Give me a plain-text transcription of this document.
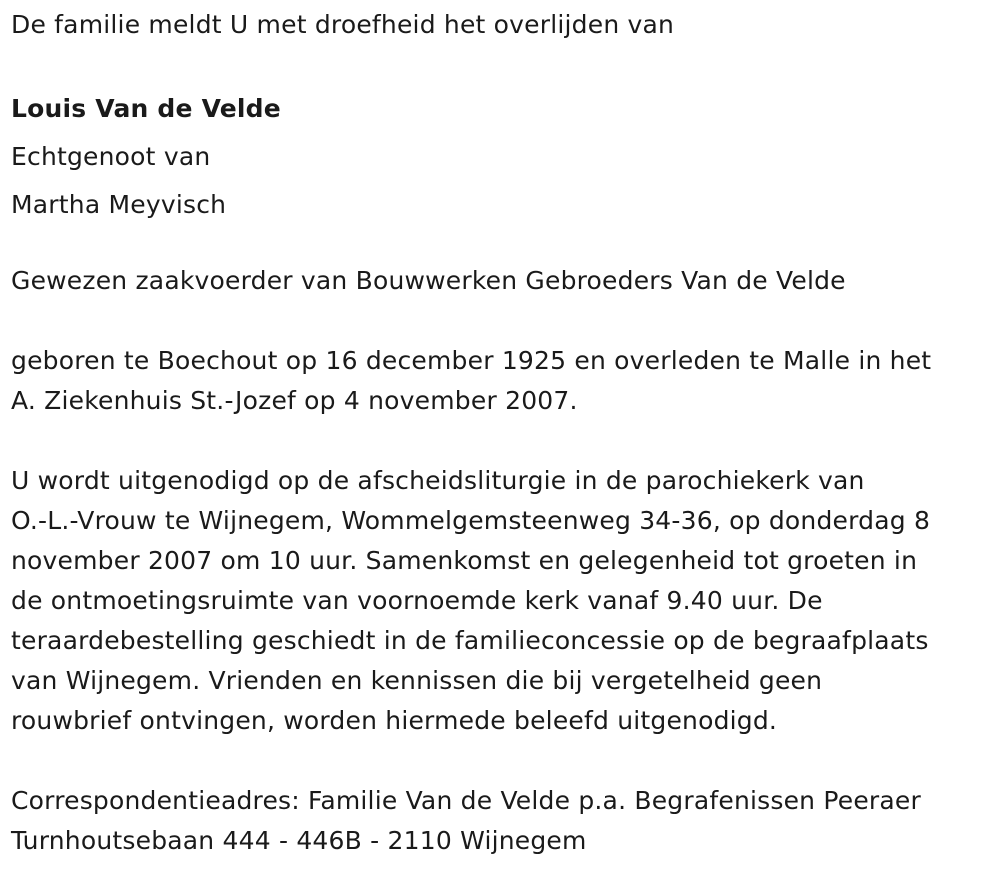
De familie meldt U met droefheid het overlijden van
Louis Van de Velde
Echtgenoot van
Martha Meyvisch
Gewezen zaakvoerder van Bouwwerken Gebroeders Van de Velde
geboren te Boechout op 16 december 1925 en overleden te Malle in het
A. Ziekenhuis St.-Jozef op 4 november 2007.
U wordt uitgenodigd op de afscheidsliturgie in de parochiekerk van
O.-L.-Vrouw te Wijnegem, Wommelgemsteenweg 34-36, op donderdag 8
november 2007 om 10 uur. Samenkomst en gelegenheid tot groeten in
de ontmoetingsruimte van voornoemde kerk vanaf 9.40 uur. De
teraardebestelling geschiedt in de familieconcessie op de begraafplaats
van Wijnegem. Vrienden en kennissen die bij vergetelheid geen
rouwbrief ontvingen, worden hiermede beleefd uitgenodigd.
Correspondentieadres: Familie Van de Velde p.a. Begrafenissen Peeraer
Turnhoutsebaan 444 - 446B - 2110 Wijnegem
